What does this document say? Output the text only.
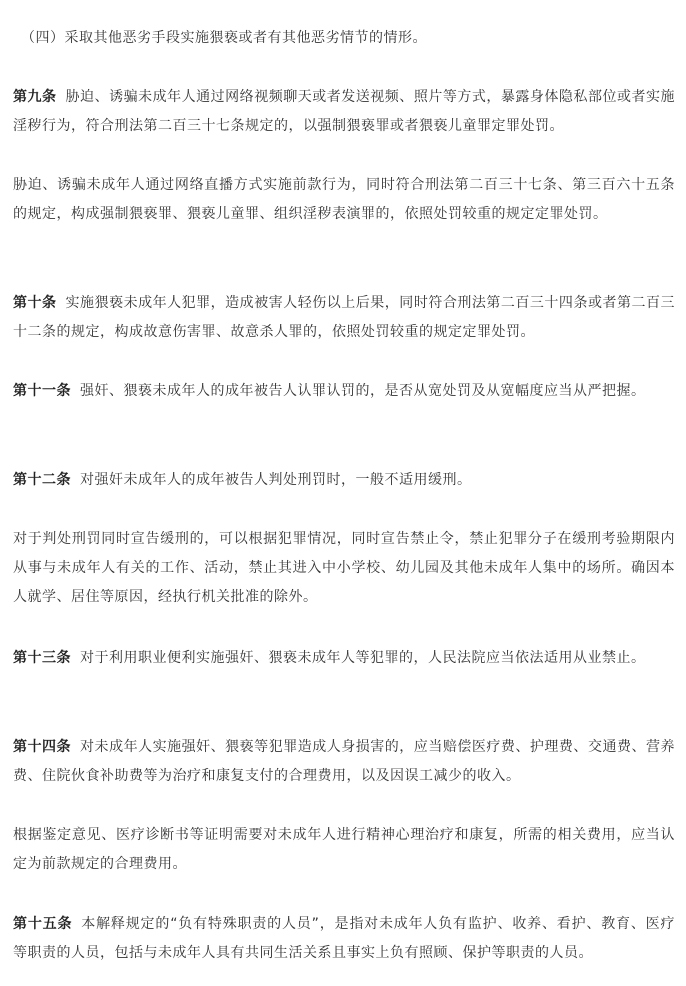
（四）采取其他恶劣手段实施猥亵或者有其他恶劣情节的情形。

第九条 胁迫、诱骗未成年人通过网络视频聊天或者发送视频、照片等方式，暴露身体隐私部位或者实施淫秽行为，符合刑法第二百三十七条规定的，以强制猥亵罪或者猥亵儿童罪定罪处罚。

胁迫、诱骗未成年人通过网络直播方式实施前款行为，同时符合刑法第二百三十七条、第三百六十五条的规定，构成强制猥亵罪、猥亵儿童罪、组织淫秽表演罪的，依照处罚较重的规定定罪处罚。

第十条 实施猥亵未成年人犯罪，造成被害人轻伤以上后果，同时符合刑法第二百三十四条或者第二百三十二条的规定，构成故意伤害罪、故意杀人罪的，依照处罚较重的规定定罪处罚。

第十一条 强奸、猥亵未成年人的成年被告人认罪认罚的，是否从宽处罚及从宽幅度应当从严把握。

第十二条 对强奸未成年人的成年被告人判处刑罚时，一般不适用缓刑。

对于判处刑罚同时宣告缓刑的，可以根据犯罪情况，同时宣告禁止令，禁止犯罪分子在缓刑考验期限内从事与未成年人有关的工作、活动，禁止其进入中小学校、幼儿园及其他未成年人集中的场所。确因本人就学、居住等原因，经执行机关批准的除外。

第十三条 对于利用职业便利实施强奸、猥亵未成年人等犯罪的，人民法院应当依法适用从业禁止。

第十四条 对未成年人实施强奸、猥亵等犯罪造成人身损害的，应当赔偿医疗费、护理费、交通费、营养费、住院伙食补助费等为治疗和康复支付的合理费用，以及因误工减少的收入。

根据鉴定意见、医疗诊断书等证明需要对未成年人进行精神心理治疗和康复，所需的相关费用，应当认定为前款规定的合理费用。

第十五条 本解释规定的“负有特殊职责的人员”，是指对未成年人负有监护、收养、看护、教育、医疗等职责的人员，包括与未成年人具有共同生活关系且事实上负有照顾、保护等职责的人员。
